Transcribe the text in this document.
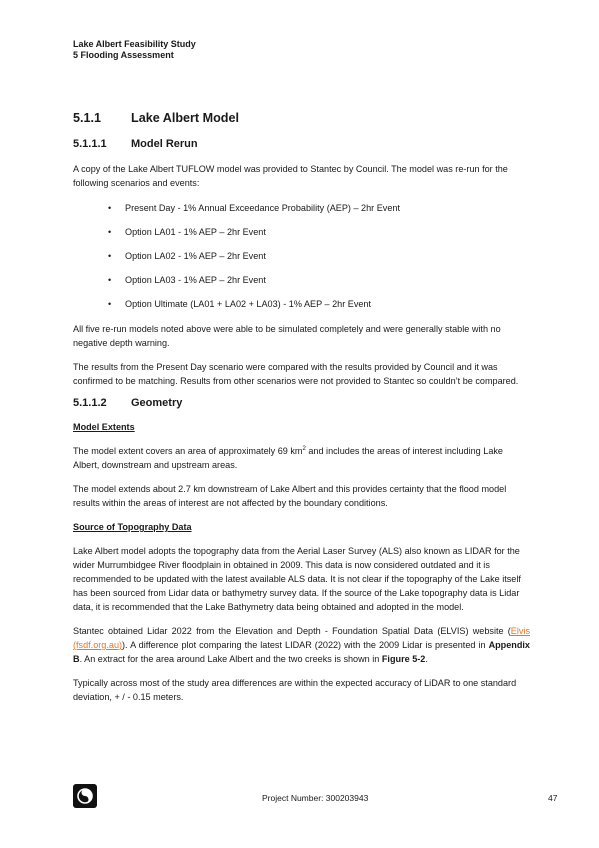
Lake Albert Feasibility Study
5 Flooding Assessment
5.1.1	Lake Albert Model
5.1.1.1	Model Rerun

A copy of the Lake Albert TUFLOW model was provided to Stantec by Council. The model was re-run for the following scenarios and events:

• Present Day - 1% Annual Exceedance Probability (AEP) – 2hr Event
• Option LA01 - 1% AEP – 2hr Event
• Option LA02 - 1% AEP – 2hr Event
• Option LA03 - 1% AEP – 2hr Event
• Option Ultimate (LA01 + LA02 + LA03) - 1% AEP – 2hr Event

All five re-run models noted above were able to be simulated completely and were generally stable with no negative depth warning.

The results from the Present Day scenario were compared with the results provided by Council and it was confirmed to be matching. Results from other scenarios were not provided to Stantec so couldn’t be compared.

5.1.1.2	Geometry

Model Extents

The model extent covers an area of approximately 69 $km^2$ and includes the areas of interest including Lake Albert, downstream and upstream areas.

The model extends about 2.7 km downstream of Lake Albert and this provides certainty that the flood model results within the areas of interest are not affected by the boundary conditions.

Source of Topography Data

Lake Albert model adopts the topography data from the Aerial Laser Survey (ALS) also known as LIDAR for the wider Murrumbidgee River floodplain in obtained in 2009. This data is now considered outdated and it is recommended to be updated with the latest available ALS data. It is not clear if the topography of the Lake itself has been sourced from Lidar data or bathymetry survey data. If the source of the Lake topography data is Lidar data, it is recommended that the Lake Bathymetry data being obtained and adopted in the model.

Stantec obtained Lidar 2022 from the Elevation and Depth - Foundation Spatial Data (ELVIS) website (Elvis (fsdf.org.au)). A difference plot comparing the latest LIDAR (2022) with the 2009 Lidar is presented in Appendix B. An extract for the area around Lake Albert and the two creeks is shown in Figure 5-2.

Typically across most of the study area differences are within the expected accuracy of LiDAR to one standard deviation, + / - 0.15 meters.

Project Number: 300203943	47
